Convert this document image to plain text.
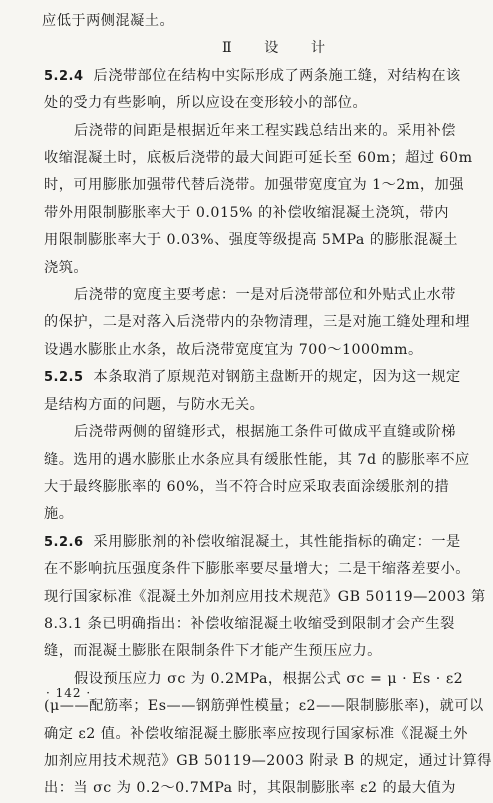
应低于两侧混凝土。
Ⅱ 设 计
5.2.4 后浇带部位在结构中实际形成了两条施工缝，对结构在该
处的受力有些影响，所以应设在变形较小的部位。
后浇带的间距是根据近年来工程实践总结出来的。采用补偿
收缩混凝土时，底板后浇带的最大间距可延长至 60m；超过 60m
时，可用膨胀加强带代替后浇带。加强带宽度宜为 1～2m，加强
带外用限制膨胀率大于 0.015% 的补偿收缩混凝土浇筑，带内
用限制膨胀率大于 0.03%、强度等级提高 5MPa 的膨胀混凝土
浇筑。
后浇带的宽度主要考虑：一是对后浇带部位和外贴式止水带
的保护，二是对落入后浇带内的杂物清理，三是对施工缝处理和埋
设遇水膨胀止水条，故后浇带宽度宜为 700～1000mm。
5.2.5 本条取消了原规范对钢筋主盘断开的规定，因为这一规定
是结构方面的问题，与防水无关。
后浇带两侧的留缝形式，根据施工条件可做成平直缝或阶梯
缝。选用的遇水膨胀止水条应具有缓胀性能，其 7d 的膨胀率不应
大于最终膨胀率的 60%，当不符合时应采取表面涂缓胀剂的措
施。
5.2.6 采用膨胀剂的补偿收缩混凝土，其性能指标的确定：一是
在不影响抗压强度条件下膨胀率要尽量增大；二是干缩落差要小。
现行国家标准《混凝土外加剂应用技术规范》GB 50119—2003 第
8.3.1 条已明确指出：补偿收缩混凝土收缩受到限制才会产生裂
缝，而混凝土膨胀在限制条件下才能产生预压应力。
假设预压应力 σc 为 0.2MPa，根据公式 σc = μ · Es · ε2
(μ——配筋率；Es——钢筋弹性模量；ε2——限制膨胀率)，就可以
确定 ε2 值。补偿收缩混凝土膨胀率应按现行国家标准《混凝土外
加剂应用技术规范》GB 50119—2003 附录 B 的规定，通过计算得
出：当 σc 为 0.2～0.7MPa 时，其限制膨胀率 ε2 的最大值为
· 142 ·
